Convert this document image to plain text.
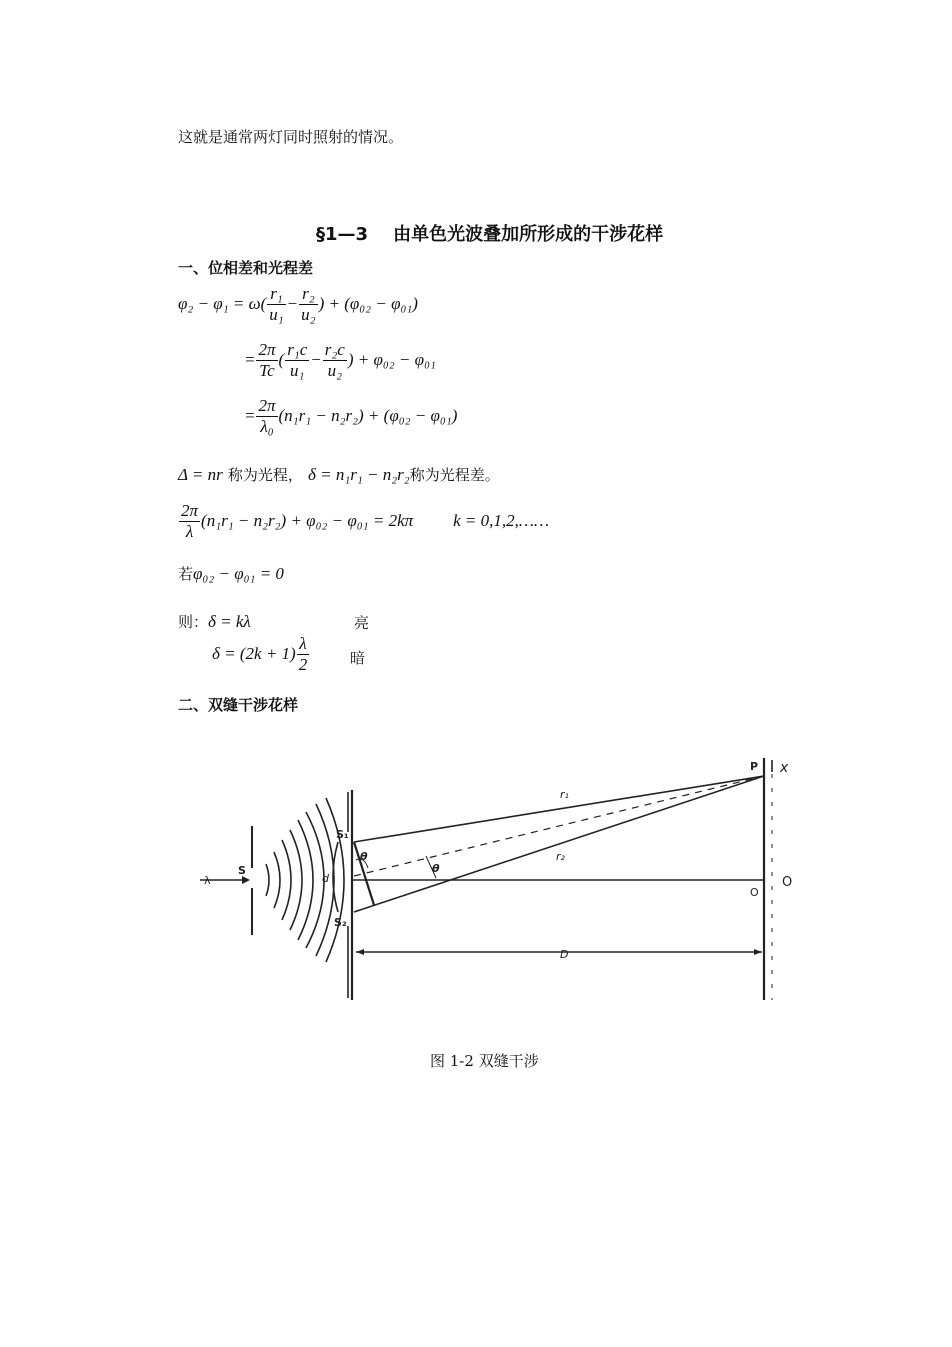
这就是通常两灯同时照射的情况。
§1—3 由单色光波叠加所形成的干涉花样
一、位相差和光程差
$\varphi_2 - \varphi_1 = \omega( \frac{\text{r₁}}{\text{u₁}} - \frac{\text{r₂}}{\text{u₂}}$ ) + (φ₀₂ − φ₀₁)
= $\frac{2\pi}{Tc}$ ( $\frac{\text{r₁c}}{\text{u₁}} - \frac{\text{r₂c}}{\text{u₂}}$ ) + φ₀₂ − φ₀₁
= $\frac{2\pi}{\text{λ₀}} (n_1r_1 - n_2r_2) + (\varphi_{02} - \varphi_{01})$
Δ = nr
称为光程，
δ = n₁r₁ − n₂r₂ 称为光程差。
$\frac{2\pi}{\lambda} (n_1r_1 - n_2r_2) + \varphi_{02} - \varphi_{01} = 2k\pi$ k = 0,1,2,……
若 φ₀₂ − φ₀₁ = 0
则： δ = kλ	亮
$\delta = (2k + 1) \frac{\lambda}{2}$	暗
二、双缝干涉花样
λ
S
S₁
S₂
d
θ
θ
r₁
r₂
P x
O
O
D
图 1-2 双缝干涉
